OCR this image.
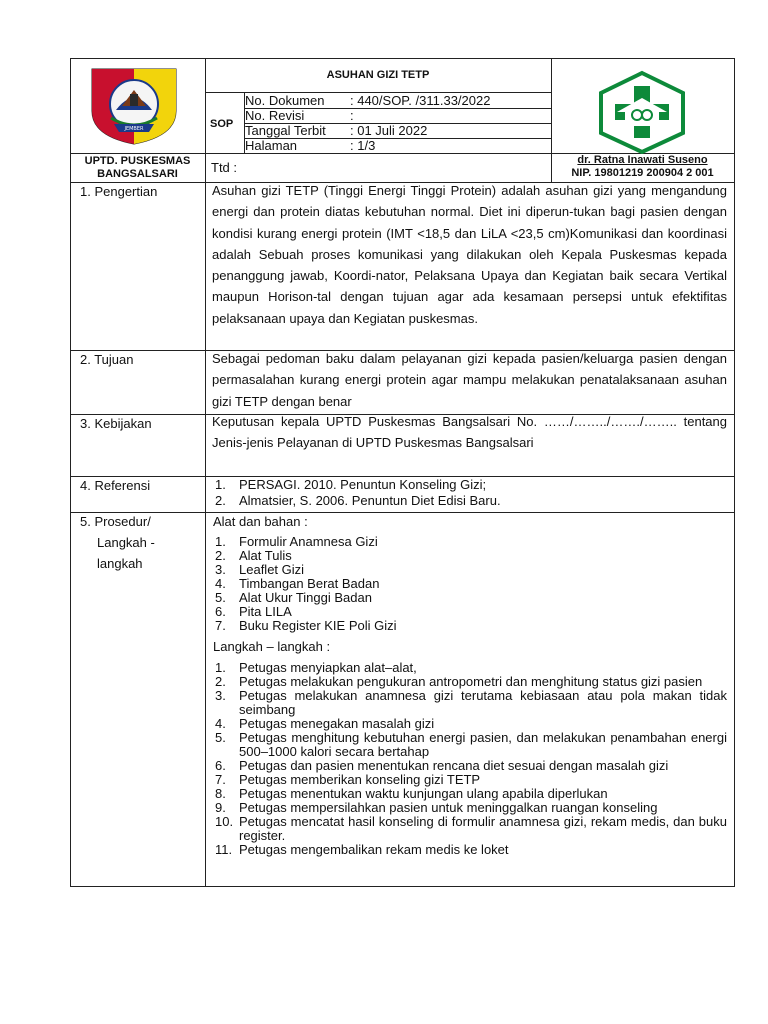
JEMBER
ASUHAN GIZI TETP
SOP
No. Dokumen : 440/SOP. /311.33/2022
No. Revisi	:
Tanggal Terbit : 01 Juli 2022
Halaman	: 1/3
UPTD. PUSKESMAS
BANGSALSARI	Ttd :	dr. Ratna Inawati Suseno
NIP. 19801219 200904 2 001
1. Pengertian	Asuhan gizi TETP (Tinggi Energi Tinggi Protein) adalah asuhan gizi yang mengandung energi dan protein diatas kebutuhan normal. Diet ini diperun-tukan bagi pasien dengan kondisi kurang energi protein (IMT <18,5 dan LiLA <23,5 cm)Komunikasi dan koordinasi adalah Sebuah proses komunikasi yang dilakukan oleh Kepala Puskesmas kepada penanggung jawab, Koordi-nator, Pelaksana Upaya dan Kegiatan baik secara Vertikal maupun Horison-tal dengan tujuan agar ada kesamaan persepsi untuk efektifitas pelaksanaan upaya dan Kegiatan puskesmas.
2. Tujuan	Sebagai pedoman baku dalam pelayanan gizi kepada pasien/keluarga pasien dengan permasalahan kurang energi protein agar mampu melakukan penatalaksanaan asuhan gizi TETP dengan benar
3. Kebijakan	Keputusan kepala UPTD Puskesmas Bangsalsari No. ……/……../……./…….. tentang Jenis-jenis Pelayanan di UPTD Puskesmas Bangsalsari
4. Referensi	1.	PERSAGI. 2010. Penuntun Konseling Gizi;
2.	Almatsier, S. 2006. Penuntun Diet Edisi Baru.
5. Prosedur/
Langkah -
langkah
Alat dan bahan :
1.	Formulir Anamnesa Gizi
2.	Alat Tulis
3.	Leaflet Gizi
4.	Timbangan Berat Badan
5.	Alat Ukur Tinggi Badan
6.	Pita LILA
7.	Buku Register KIE Poli Gizi
Langkah – langkah :
1.	Petugas menyiapkan alat–alat,
2.	Petugas melakukan pengukuran antropometri dan menghitung status gizi pasien
3.	Petugas melakukan anamnesa gizi terutama kebiasaan atau pola makan tidak seimbang
4.	Petugas menegakan masalah gizi
5.	Petugas menghitung kebutuhan energi pasien, dan melakukan penambahan energi 500–1000 kalori secara bertahap
6.	Petugas dan pasien menentukan rencana diet sesuai dengan masalah gizi
7.	Petugas memberikan konseling gizi TETP
8.	Petugas menentukan waktu kunjungan ulang apabila diperlukan
9.	Petugas mempersilahkan pasien untuk meninggalkan ruangan konseling
10. Petugas mencatat hasil konseling di formulir anamnesa gizi, rekam medis, dan buku register.
11. Petugas mengembalikan rekam medis ke loket
